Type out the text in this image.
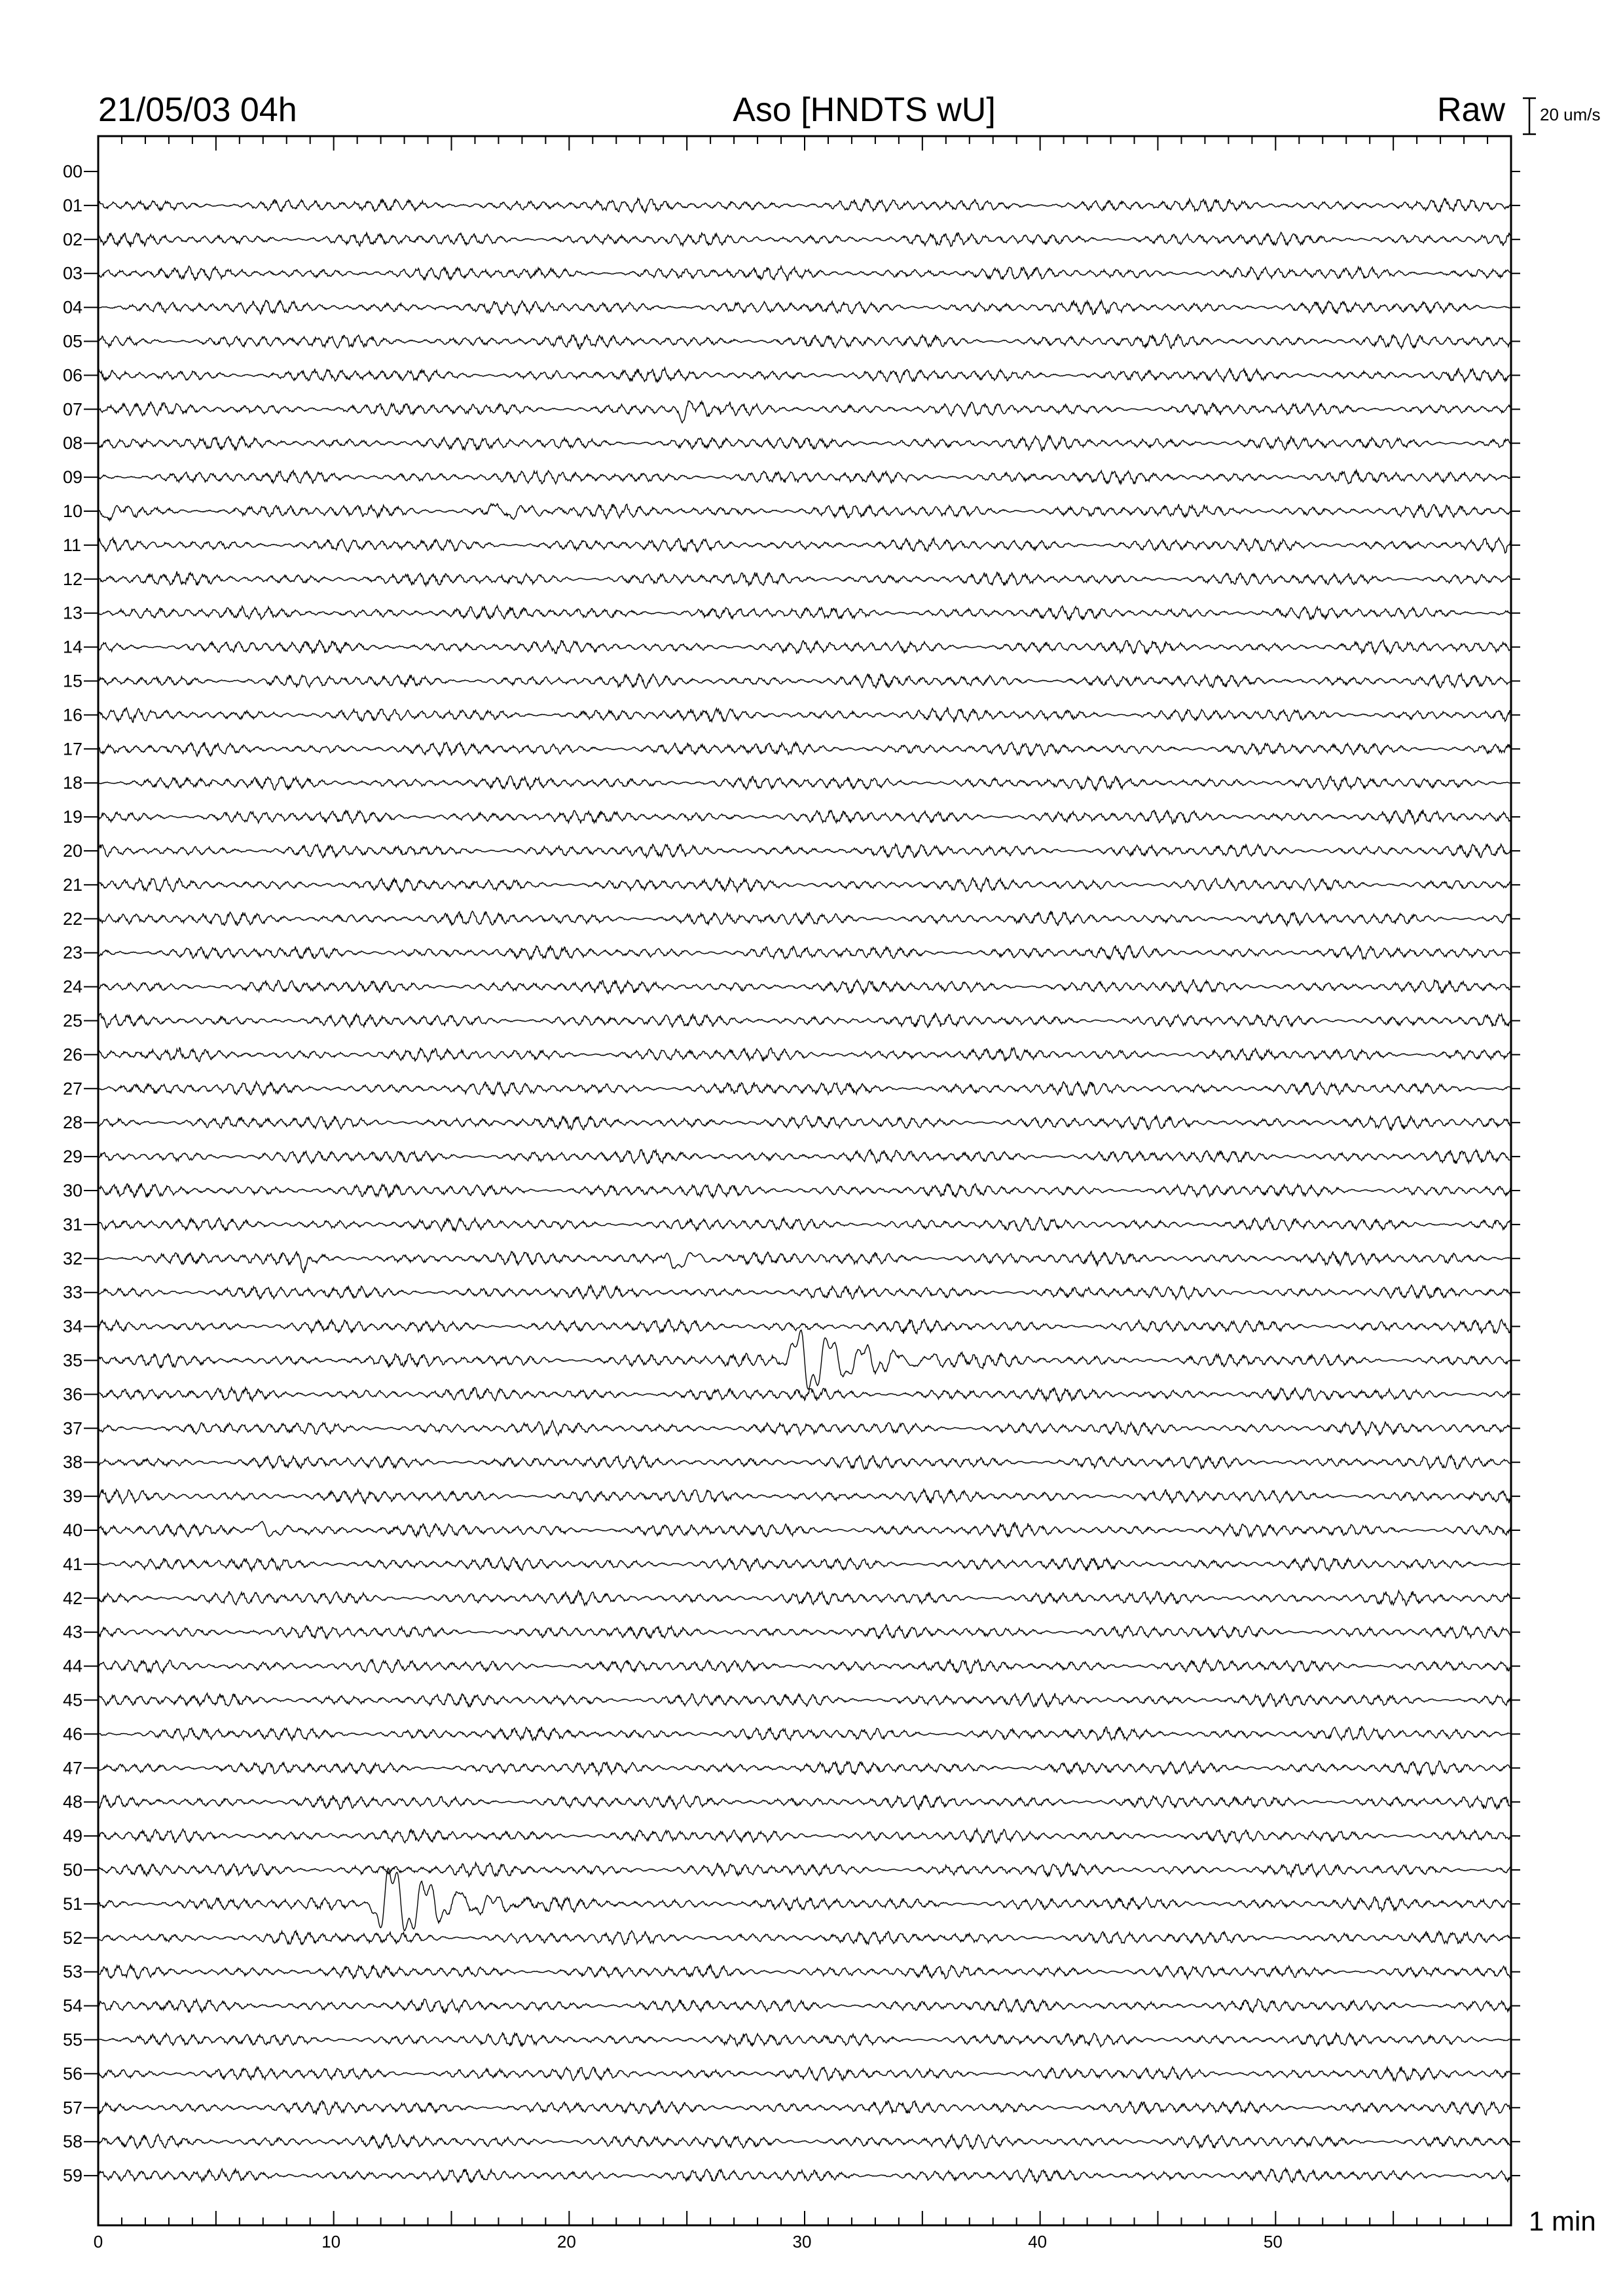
21/05/03 04h	Aso [HNDTS wU]	Raw 20 um/s
1 min
0	10	20	30	40	50
00
01
02
03
04
05
06
07
08
09
10
11
12
13
14
15
16
17
18
19
20
21
22
23
24
25
26
27
28
29
30
31
32
33
34
35
36
37
38
39
40
41
42
43
44
45
46
47
48
49
50
51
52
53
54
55
56
57
58
59
